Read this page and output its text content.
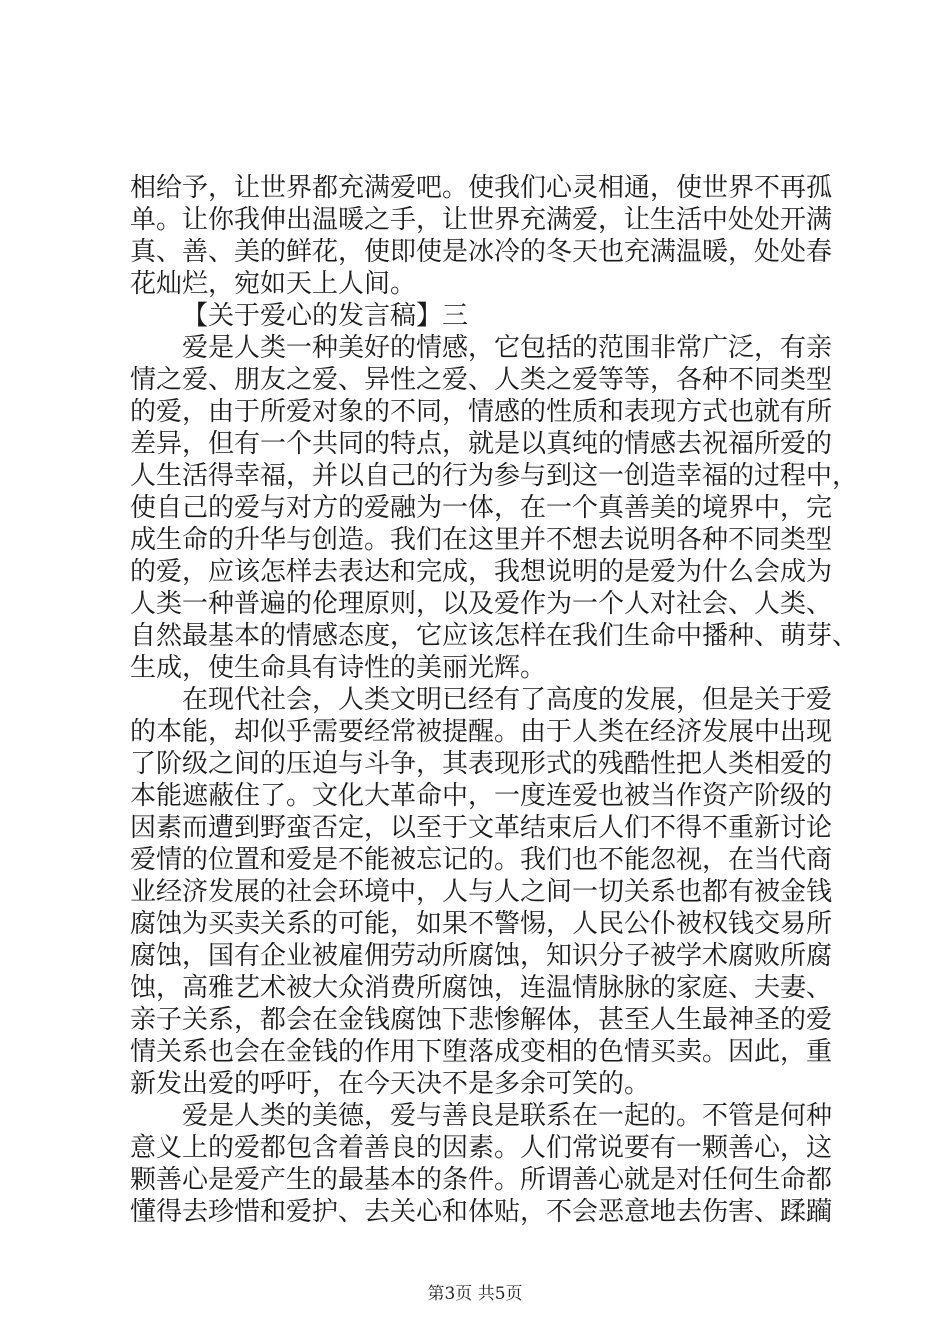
相给予，让世界都充满爱吧。使我们心灵相通，使世界不再孤
单。让你我伸出温暖之手，让世界充满爱，让生活中处处开满
真、善、美的鲜花，使即使是冰冷的冬天也充满温暖，处处春
花灿烂，宛如天上人间。
【关于爱心的发言稿】三
爱是人类一种美好的情感，它包括的范围非常广泛，有亲
情之爱、朋友之爱、异性之爱、人类之爱等等，各种不同类型
的爱，由于所爱对象的不同，情感的性质和表现方式也就有所
差异，但有一个共同的特点，就是以真纯的情感去祝福所爱的
人生活得幸福，并以自己的行为参与到这一创造幸福的过程中，
使自己的爱与对方的爱融为一体，在一个真善美的境界中，完
成生命的升华与创造。我们在这里并不想去说明各种不同类型
的爱，应该怎样去表达和完成，我想说明的是爱为什么会成为
人类一种普遍的伦理原则，以及爱作为一个人对社会、人类、
自然最基本的情感态度，它应该怎样在我们生命中播种、萌芽、
生成，使生命具有诗性的美丽光辉。
在现代社会，人类文明已经有了高度的发展，但是关于爱
的本能，却似乎需要经常被提醒。由于人类在经济发展中出现
了阶级之间的压迫与斗争，其表现形式的残酷性把人类相爱的
本能遮蔽住了。文化大革命中，一度连爱也被当作资产阶级的
因素而遭到野蛮否定，以至于文革结束后人们不得不重新讨论
爱情的位置和爱是不能被忘记的。我们也不能忽视，在当代商
业经济发展的社会环境中，人与人之间一切关系也都有被金钱
腐蚀为买卖关系的可能，如果不警惕，人民公仆被权钱交易所
腐蚀，国有企业被雇佣劳动所腐蚀，知识分子被学术腐败所腐
蚀，高雅艺术被大众消费所腐蚀，连温情脉脉的家庭、夫妻、
亲子关系，都会在金钱腐蚀下悲惨解体，甚至人生最神圣的爱
情关系也会在金钱的作用下堕落成变相的色情买卖。因此，重
新发出爱的呼吁，在今天决不是多余可笑的。
爱是人类的美德，爱与善良是联系在一起的。不管是何种
意义上的爱都包含着善良的因素。人们常说要有一颗善心，这
颗善心是爱产生的最基本的条件。所谓善心就是对任何生命都
懂得去珍惜和爱护、去关心和体贴，不会恶意地去伤害、蹂躏
第3页 共5页
